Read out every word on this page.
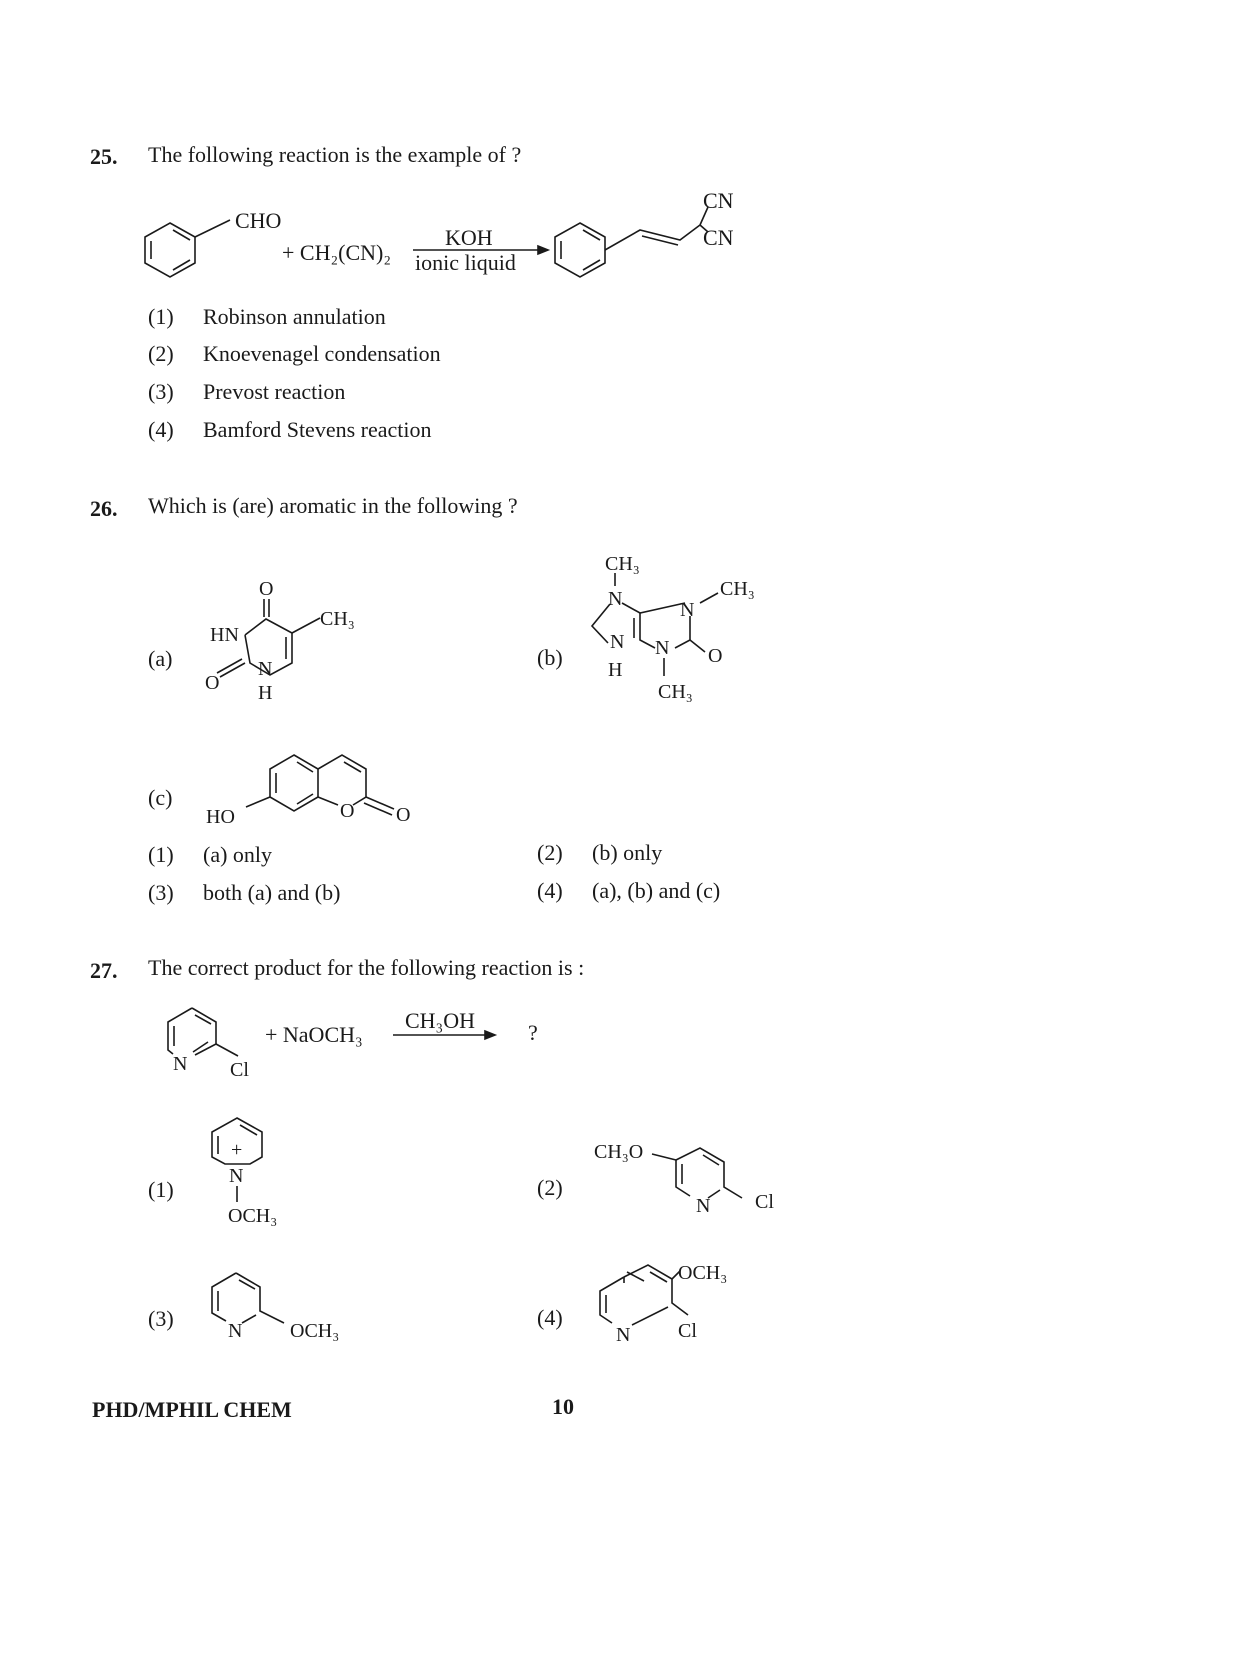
25. The following reaction is the example of ?
CHO
+ CH₂(CN)₂
KOH
ionic liquid
CN
CN
(1) Robinson annulation
(2) Knoevenagel condensation
(3) Prevost reaction
(4) Bamford Stevens reaction
26. Which is (are) aromatic in the following ?
(a)
O
HN
CH₃
N
H
O
(b)
CH₃
N	N
CH₃
N N O
H
CH₃
(c)
HO	O O
(1) (a) only	(2) (b) only
(3) both (a) and (b)	(4) (a), (b) and (c)
27. The correct product for the following reaction is :
N Cl
+ NaOCH₃
CH₃OH ?
(1)
+
N
OCH₃
(2)
CH₃O
N Cl
(3)	N OCH₃
(4)
OCH₃
N Cl
PHD/MPHIL CHEM	10
